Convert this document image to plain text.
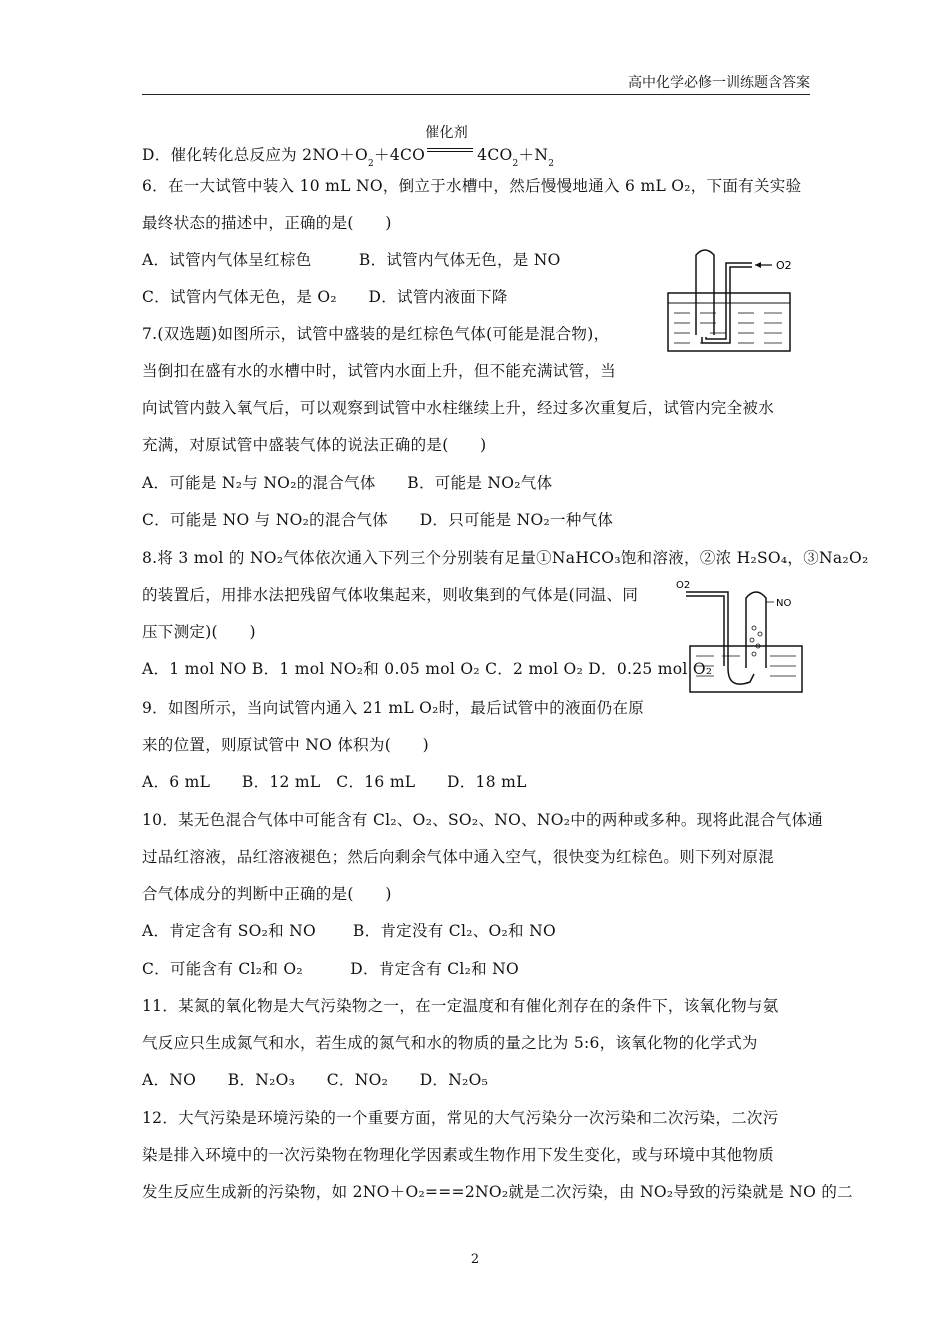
高中化学必修一训练题含答案
D．催化转化总反应为 $2NO+O_2+4CO$
催化剂
$4CO_2+N_2$
6．在一大试管中装入 10 mL NO，倒立于水槽中，然后慢慢地通入 6 mL O₂，下面有关实验
最终状态的描述中，正确的是(　　)
A．试管内气体呈红棕色　　　B．试管内气体无色，是 NO
C．试管内气体无色，是 O₂　　D．试管内液面下降
7.(双选题)如图所示，试管中盛装的是红棕色气体(可能是混合物)，
当倒扣在盛有水的水槽中时，试管内水面上升，但不能充满试管，当
向试管内鼓入氧气后，可以观察到试管中水柱继续上升，经过多次重复后，试管内完全被水
充满，对原试管中盛装气体的说法正确的是(　　)
A．可能是 N₂与 NO₂的混合气体　　B．可能是 NO₂气体
C．可能是 NO 与 NO₂的混合气体　　D．只可能是 NO₂一种气体
8.将 3 mol 的 NO₂气体依次通入下列三个分别装有足量①NaHCO₃饱和溶液，②浓 H₂SO₄，③Na₂O₂
的装置后，用排水法把残留气体收集起来，则收集到的气体是(同温、同
压下测定)(　　)
A．1 mol NO B．1 mol NO₂和 0.05 mol O₂ C．2 mol O₂ D．0.25 mol O₂
9．如图所示，当向试管内通入 21 mL O₂时，最后试管中的液面仍在原
来的位置，则原试管中 NO 体积为(　　)
A．6 mL　　B．12 mL　C．16 mL　　D．18 mL
10．某无色混合气体中可能含有 Cl₂、O₂、SO₂、NO、NO₂中的两种或多种。现将此混合气体通
过品红溶液，品红溶液褪色；然后向剩余气体中通入空气，很快变为红棕色。则下列对原混
合气体成分的判断中正确的是(　　)
A．肯定含有 SO₂和 NO　　 B．肯定没有 Cl₂、O₂和 NO
C．可能含有 Cl₂和 O₂　　　D．肯定含有 Cl₂和 NO
11．某氮的氧化物是大气污染物之一，在一定温度和有催化剂存在的条件下，该氧化物与氨
气反应只生成氮气和水，若生成的氮气和水的物质的量之比为 5:6，该氧化物的化学式为
A．NO　　B．N₂O₃　　C．NO₂　　D．N₂O₅
12．大气污染是环境污染的一个重要方面，常见的大气污染分一次污染和二次污染，二次污
染是排入环境中的一次污染物在物理化学因素或生物作用下发生变化，或与环境中其他物质
发生反应生成新的污染物，如 2NO＋O₂===2NO₂就是二次污染，由 NO₂导致的污染就是 NO 的二
O2
O2
NO
2
